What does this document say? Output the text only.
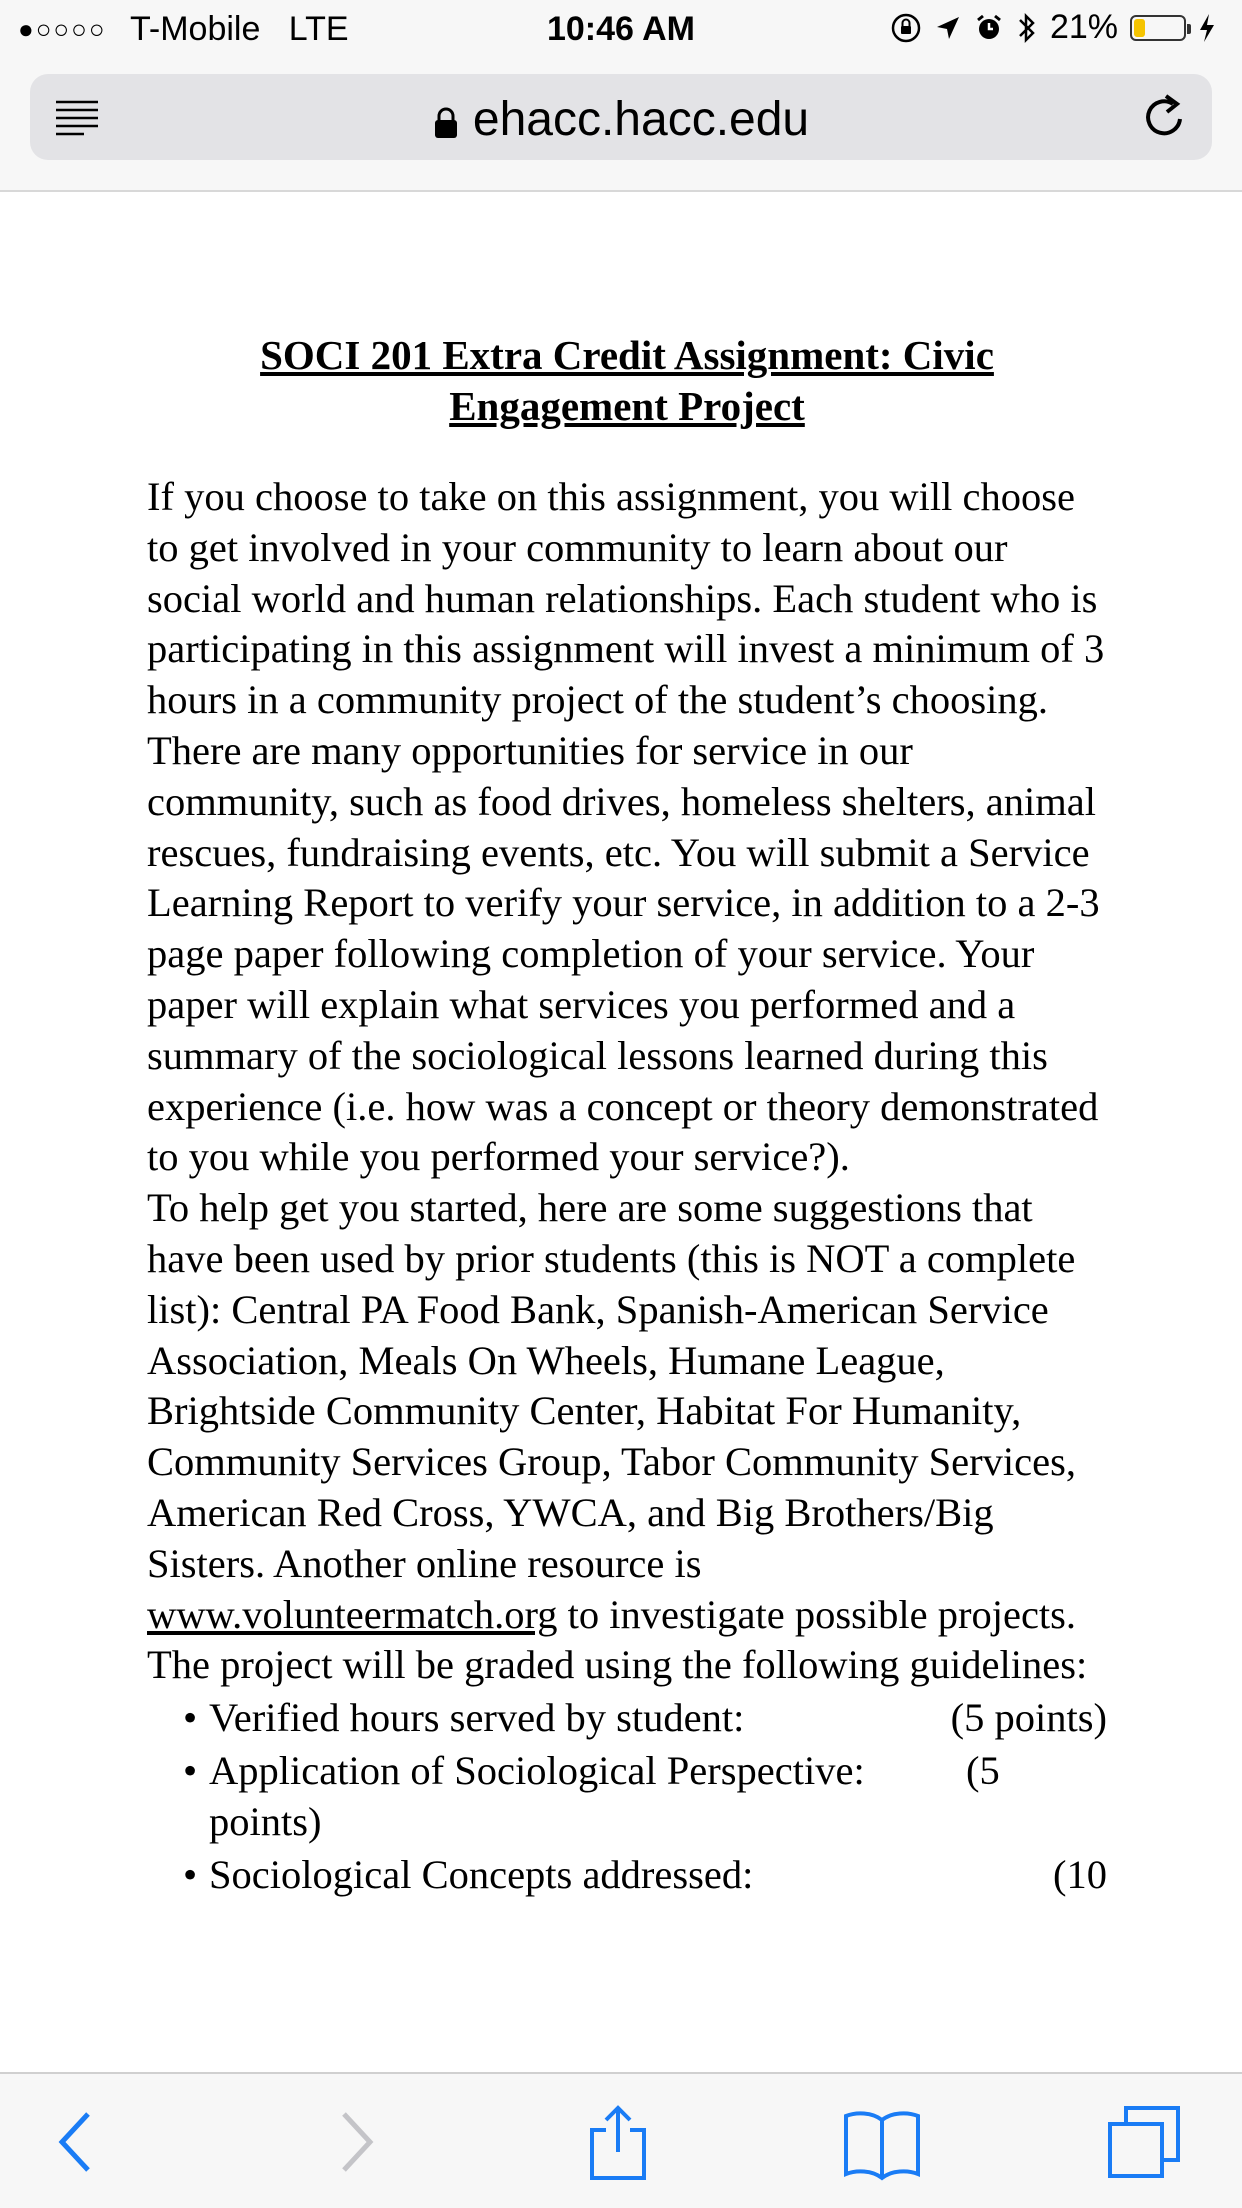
●○○○○ T-Mobile LTE	10:46 AM	21%
ehacc.hacc.edu
SOCI 201 Extra Credit Assignment: Civic
Engagement Project

If you choose to take on this assignment, you will choose to get involved in your community to learn about our social world and human relationships. Each student who is participating in this assignment will invest a minimum of 3 hours in a community project of the student’s choosing.

There are many opportunities for service in our community, such as food drives, homeless shelters, animal rescues, fundraising events, etc. You will submit a Service Learning Report to verify your service, in addition to a 2-3 page paper following completion of your service. Your paper will explain what services you performed and a summary of the sociological lessons learned during this experience (i.e. how was a concept or theory demonstrated to you while you performed your service?).

To help get you started, here are some suggestions that have been used by prior students (this is NOT a complete list): Central PA Food Bank, Spanish-American Service Association, Meals On Wheels, Humane League, Brightside Community Center, Habitat For Humanity, Community Services Group, Tabor Community Services, American Red Cross, YWCA, and Big Brothers/Big Sisters. Another online resource is www.volunteermatch.org to investigate possible projects.

The project will be graded using the following guidelines:

• Verified hours served by student:	(5 points)
• Application of Sociological Perspective:	(5 points)
• Sociological Concepts addressed:	(10
